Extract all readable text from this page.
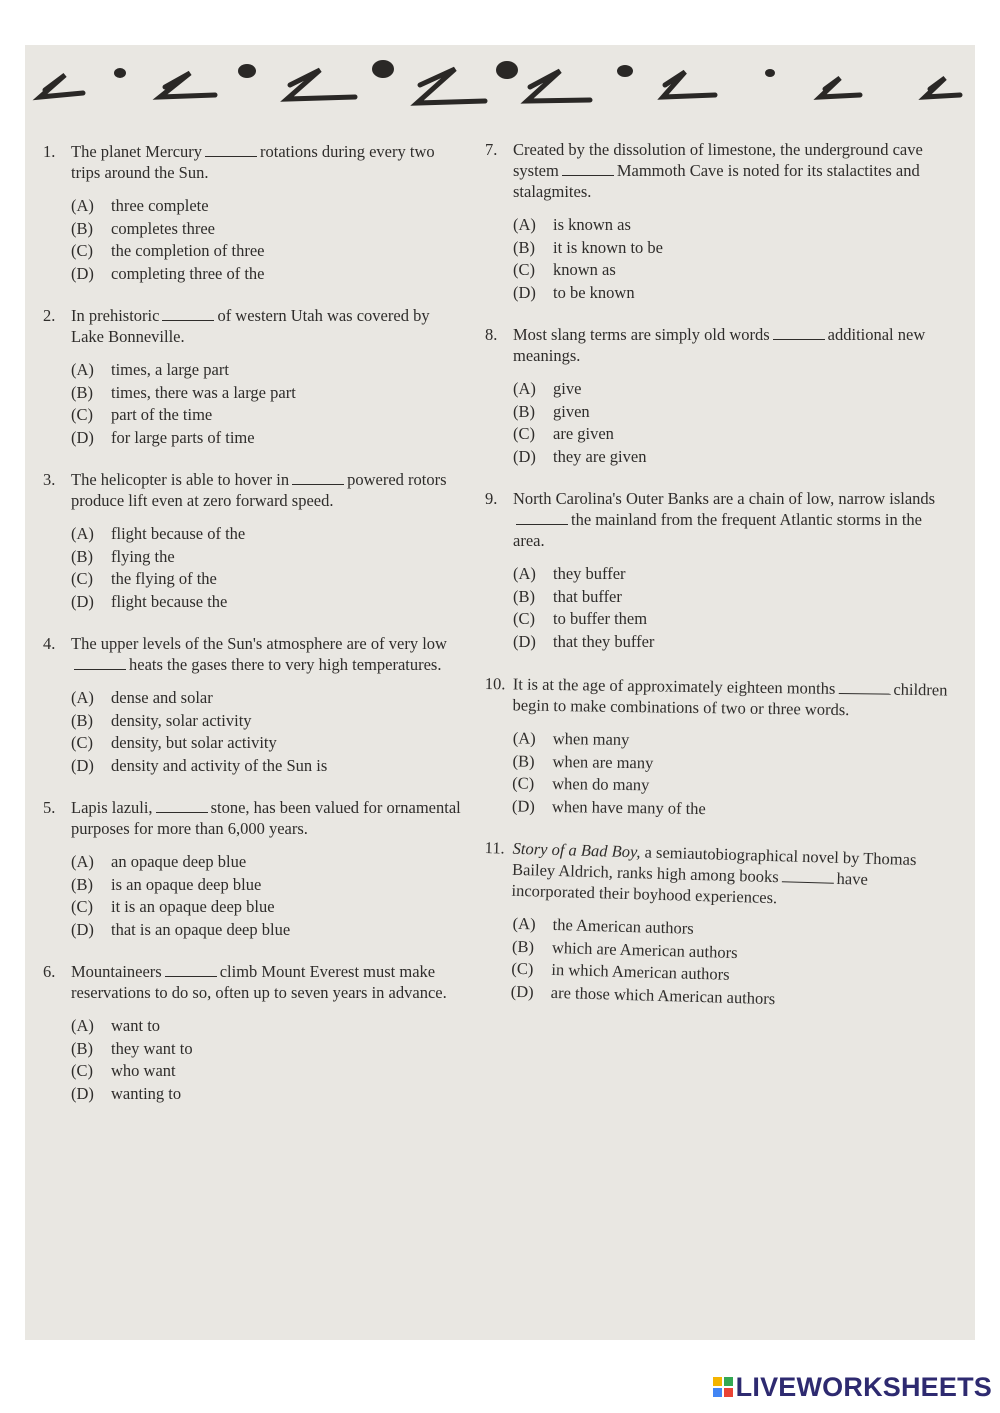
1. The planet Mercury	rotations during every two trips around the Sun.

(A) three complete
(B) completes three
(C) the completion of three
(D) completing three of the

2. In prehistoric	of western Utah was covered by Lake Bonneville.

(A) times, a large part
(B) times, there was a large part
(C) part of the time
(D) for large parts of time

3. The helicopter is able to hover in	powered rotors produce lift even at zero forward speed.

(A) flight because of the
(B) flying the
(C) the flying of the
(D) flight because the

4. The upper levels of the Sun's atmosphere are of very lowheats the gases there to very high temperatures.

(A) dense and solar
(B) density, solar activity
(C) density, but solar activity
(D) density and activity of the Sun is

5. Lapis lazuli,	stone, has been valued for ornamental purposes for more than 6,000 years.

(A) an opaque deep blue
(B) is an opaque deep blue
(C) it is an opaque deep blue
(D) that is an opaque deep blue

6. Mountaineers	climb Mount Everest must make reservations to do so, often up to seven years in advance.

(A) want to
(B) they want to
(C) who want
(D) wanting to

7. Created by the dissolution of limestone, the underground cave system	Mammoth Cave is noted for its stalactites and stalagmites.

(A) is known as
(B) it is known to be
(C) known as
(D) to be known

8. Most slang terms are simply old words	additional new meanings.

(A) give
(B) given
(C) are given
(D) they are given

9. North Carolina's Outer Banks are a chain of low, narrow islandsthe mainland from the frequent Atlantic storms in the area.

(A) they buffer
(B) that buffer
(C) to buffer them
(D) that they buffer

10. It is at the age of approximately eighteen months	children begin to make combinations of two or three words.

(A) when many
(B) when are many
(C) when do many
(D) when have many of the

11. Story of a Bad Boy, a semiautobiographical novel by Thomas Bailey Aldrich, ranks high among books	have incorporated their boyhood experiences.

(A) the American authors
(B) which are American authors
(C) in which American authors
(D) are those which American authors
LIVEWORKSHEETS
